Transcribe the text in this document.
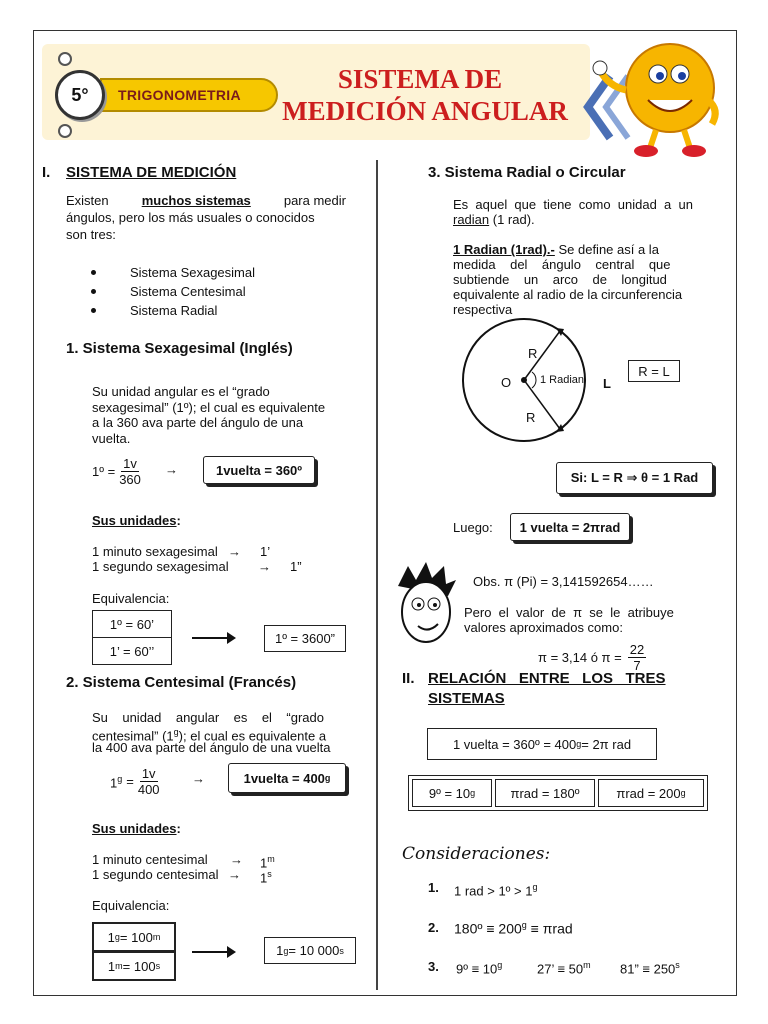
TRIGONOMETRIA
5°
SISTEMA DE
MEDICIÓN ANGULAR
I. SISTEMA DE MEDICIÓN
Existen	muchos sistemas	para medir
ángulos, pero los más usuales o conocidos
son tres:
Sistema Sexagesimal
Sistema Centesimal
Sistema Radial
1. Sistema Sexagesimal (Inglés)
Su unidad angular es el “grado
sexagesimal” (1º); el cual es equivalente
a la 360 ava parte del ángulo de una
vuelta.
1º = $\frac{1v}{360}$ →	1vuelta = 360º
Sus unidades:
1 minuto sexagesimal → 1’
1 segundo sexagesimal → 1”
Equivalencia:
1º = 60’
1’ = 60’’
1º = 3600”
2. Sistema Centesimal (Francés)
Su    unidad    angular    es    el    “grado
centesimal” (1$^g$); el cual es equivalente a
la 400 ava parte del ángulo de una vuelta
$1^g = \frac{1v}{400}$ →	1vuelta = 400 g
Sus unidades:
1 minuto centesimal → $1^m$
1 segundo centesimal → $1^s$
Equivalencia:
1 g = 100 m
1 m = 100 s
1 g = 10 000 s
3. Sistema Radial o Circular
Es  aquel  que  tiene  como  unidad  a  un
radian (1 rad).
1 Radian (1rad).- Se define así a la
medida    del    ángulo    central    que
subtiende    un    arco    de    longitud
equivalente al radio de la circunferencia
respectiva
R
O	1 Radian L
R
R = L
Si: L = R ⇒ θ = 1 Rad
Luego:	1 vuelta = 2πrad
Obs. π (Pi) = 3,141592654……
Pero  el  valor  de  π  se  le  atribuye
valores aproximados como:
π = 3,14 ó $\pi = \frac{22}{7}$
II. RELACIÓN   ENTRE   LOS   TRES
SISTEMAS
1 vuelta = 360º = 400 g = 2π rad
9º = 10 g	πrad = 180º	πrad = 200 g
Consideraciones:
1. 1 rad > 1º > $1^g$
2. 180º ≡ $200^g \equiv \pi rad$
3. 9º ≡ $10^g$	27’ ≡ $50^m$ 81” ≡ $250^s$
